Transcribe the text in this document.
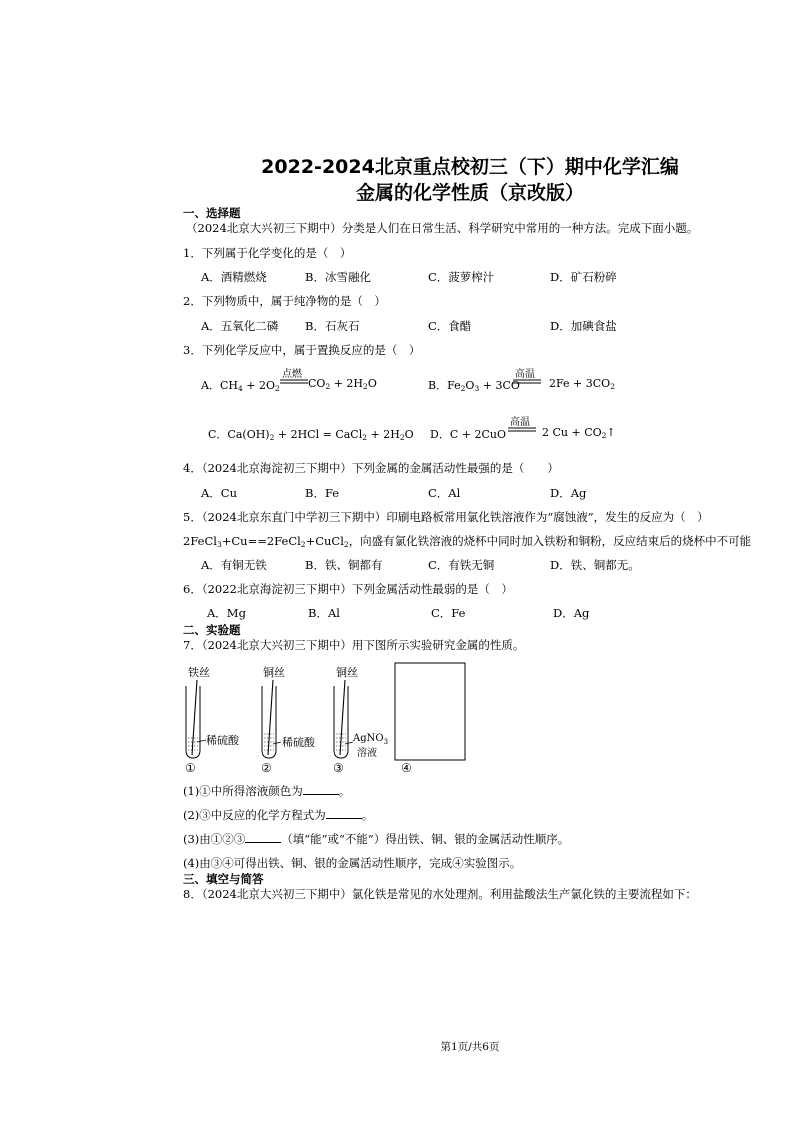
2022-2024北京重点校初三（下）期中化学汇编
金属的化学性质（京改版）
一、选择题
（2024北京大兴初三下期中）分类是人们在日常生活、科学研究中常用的一种方法。完成下面小题。
1．下列属于化学变化的是（　）
A．酒精燃烧	B．冰雪融化	C．菠萝榨汁	D．矿石粉碎
2．下列物质中，属于纯净物的是（　）
A．五氧化二磷 B．石灰石	C．食醋	D．加碘食盐
3．下列化学反应中，属于置换反应的是（　）
A．$CH_4 + 2O_2$
点燃
$CO_2 + 2H_2O$	B．$Fe_2O_3 + 3CO$
高温
$2Fe + 3CO_2$
C．$Ca(OH)_2 + 2HCl$ = CaCl$_2$ + $2H_2O$ D．C + 2CuO
高温
2 $Cu + CO_2↑$
4．（2024北京海淀初三下期中）下列金属的金属活动性最强的是（　　）
A．Cu	B．Fe	C．Al	D．Ag
5．（2024北京东直门中学初三下期中）印刷电路板常用氯化铁溶液作为“腐蚀液”，发生的反应为（　）
2FeCl$_3$+Cu==2FeCl$_2$+CuCl$_2$，向盛有氯化铁溶液的烧杯中同时加入铁粉和铜粉，反应结束后的烧杯中不可能
A．有铜无铁	B．铁、铜都有	C．有铁无铜	D．铁、铜都无。
6．（2022北京海淀初三下期中）下列金属活动性最弱的是（　）
A．Mg	B．Al	C．Fe	D．Ag
二、实验题
7．（2024北京大兴初三下期中）用下图所示实验研究金属的性质。
铁丝	铜丝	铜丝
稀硫酸	稀硫酸	AgNO$_3$
溶液
①	②	③	④
(1)①中所得溶液颜色为	。
(2)③中反应的化学方程式为	。
(3)由①②③	（填“能”或“不能”）得出铁、铜、银的金属活动性顺序。
(4)由③④可得出铁、铜、银的金属活动性顺序，完成④实验图示。
三、填空与简答
8．（2024北京大兴初三下期中）氯化铁是常见的水处理剂。利用盐酸法生产氯化铁的主要流程如下：
第1页/共6页
